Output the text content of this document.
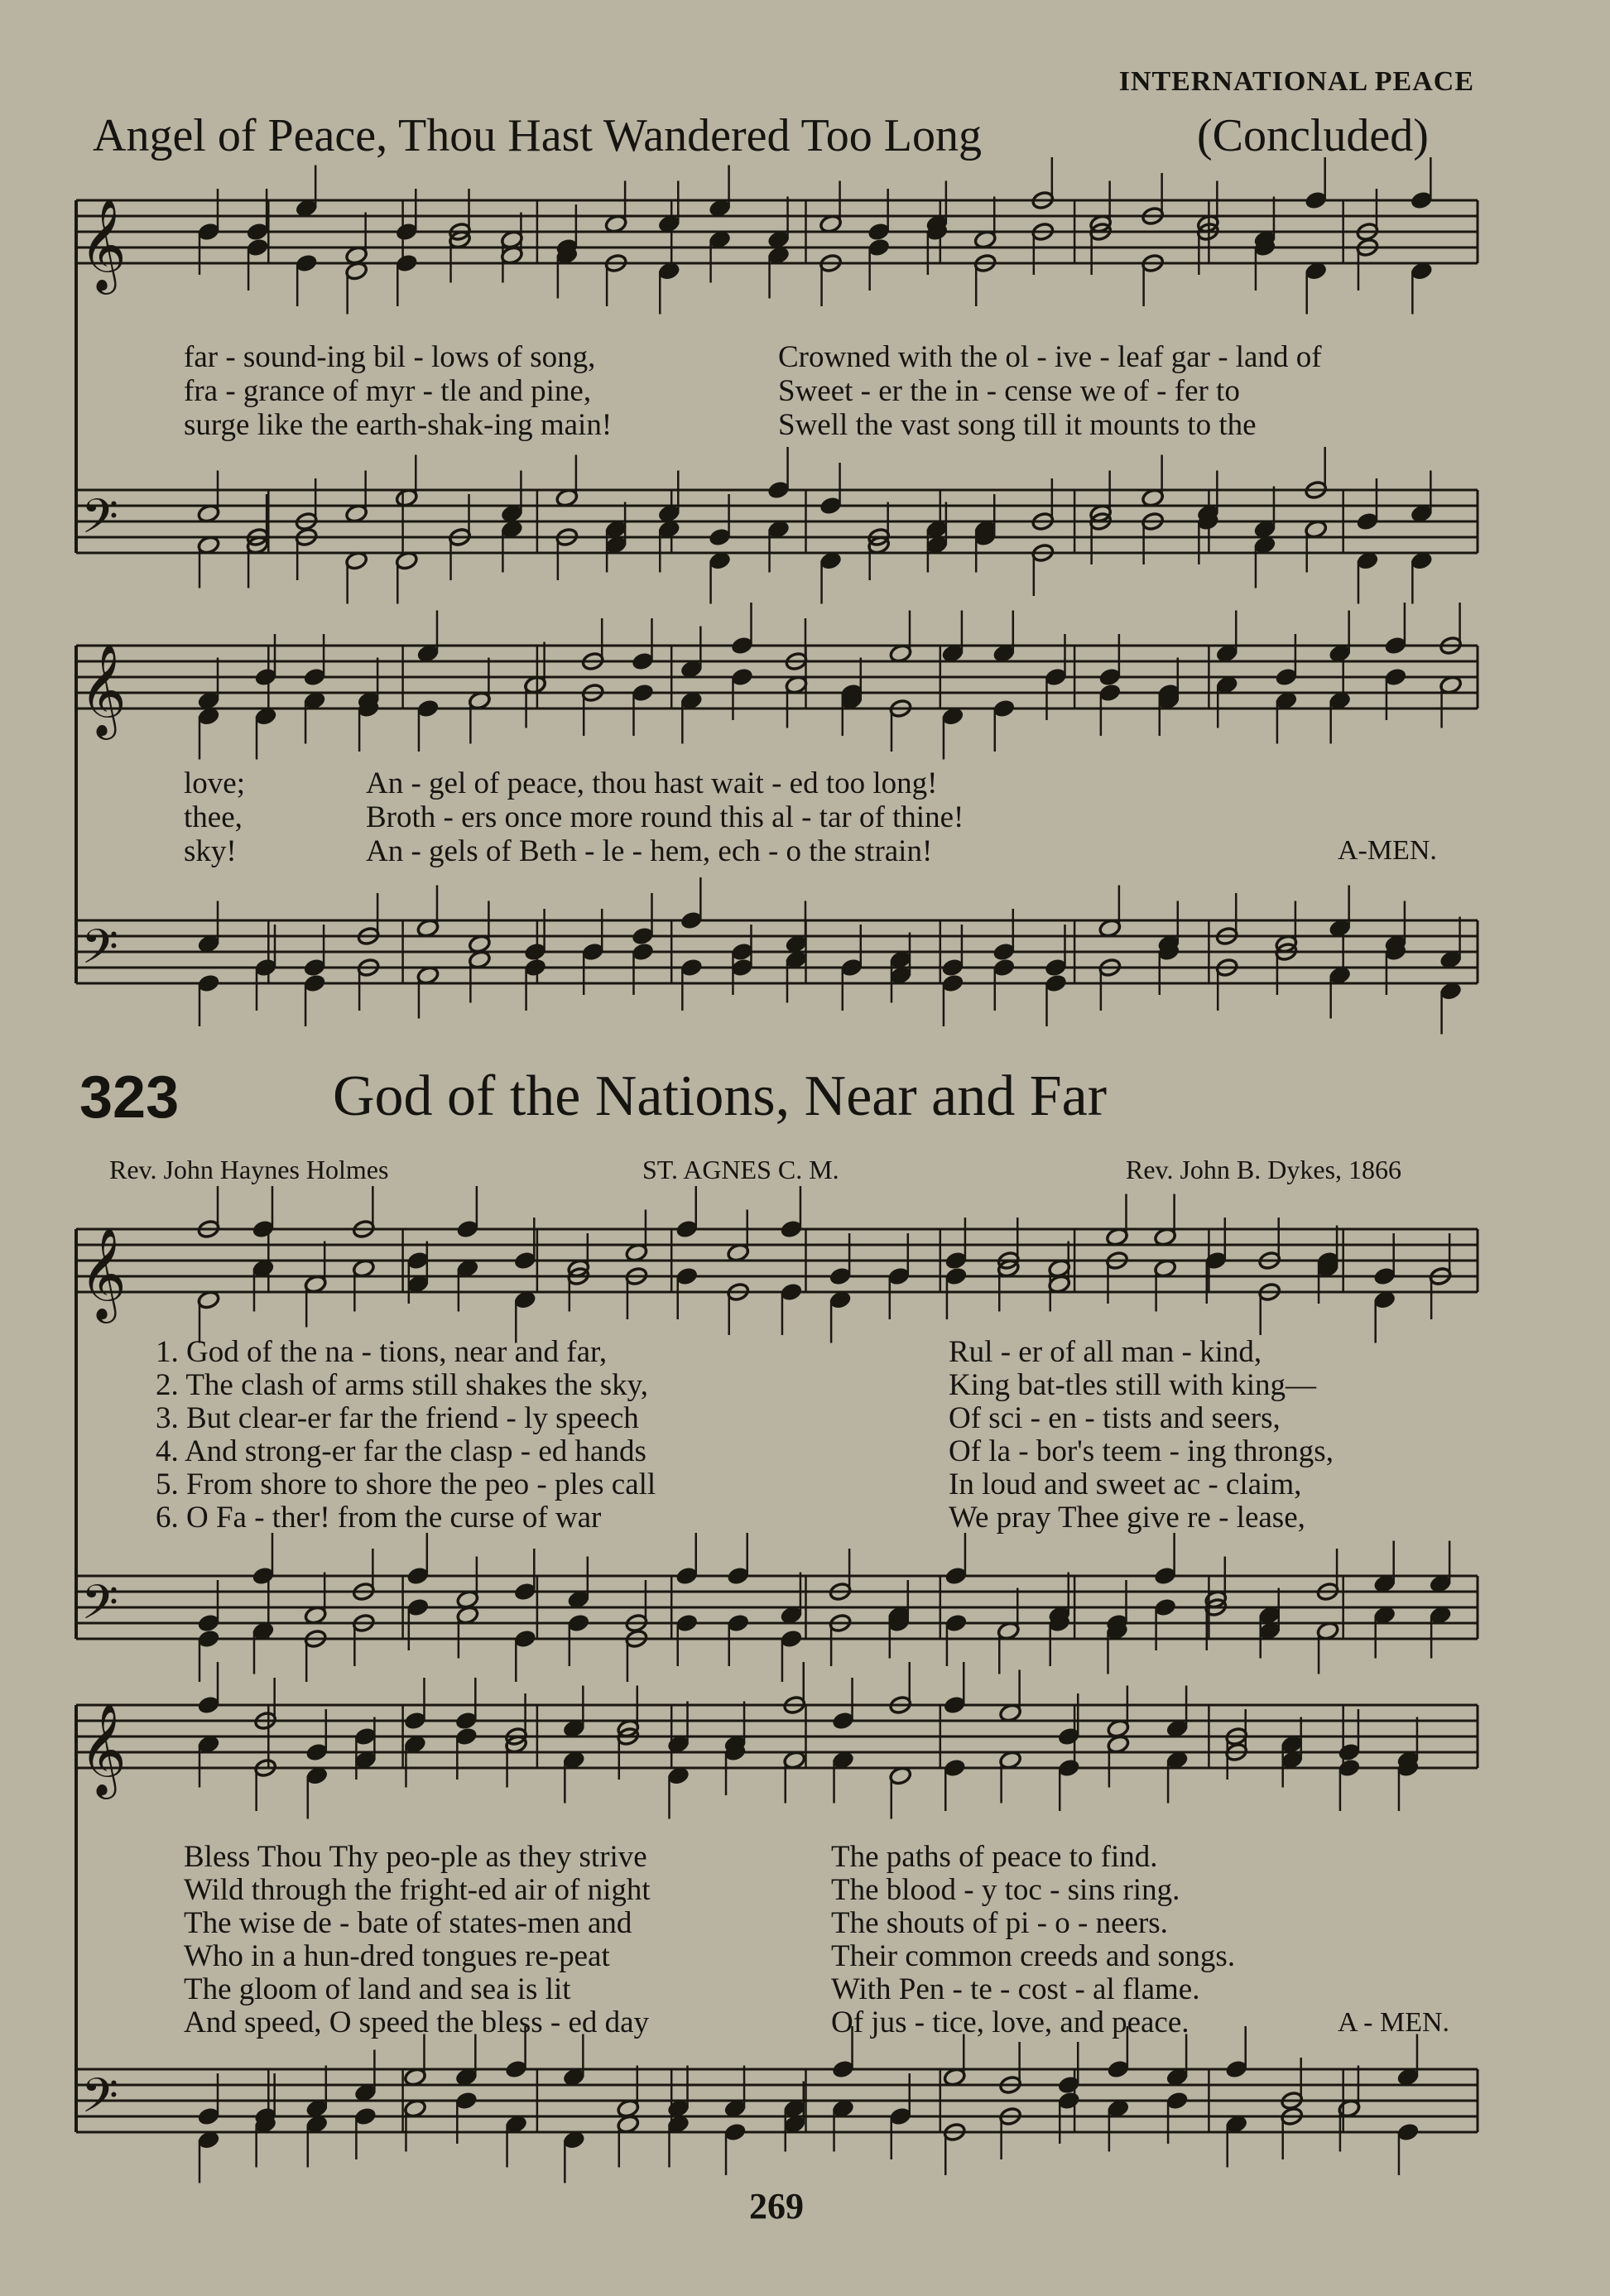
𝄞
𝄢
𝄞
𝄢
𝄞
𝄢
𝄞
𝄢
INTERNATIONAL PEACE
Angel of Peace, Thou Hast Wandered Too Long	(Concluded)
far - sound-ing bil - lows of song,
fra - grance of myr - tle and pine,
surge like the earth-shak-ing main!
Crowned with the ol - ive - leaf gar - land of
Sweet - er the in - cense we of - fer to
Swell the vast song till it mounts to the
love;
thee,
sky!
An - gel of peace, thou hast wait - ed too long!
Broth - ers once more round this al - tar of thine!
An - gels of Beth - le - hem, ech - o the strain!	A-MEN.
323	God of the Nations, Near and Far
Rev. John Haynes Holmes	ST. AGNES C. M.	Rev. John B. Dykes, 1866
1. God of the na - tions, near and far,
2. The clash of arms still shakes the sky,
3. But clear-er far the friend - ly speech
4. And strong-er far the clasp - ed hands
5. From shore to shore the peo - ples call
6. O Fa - ther! from the curse of war
Rul - er of all man - kind,
King bat-tles still with king—
Of sci - en - tists and seers,
Of la - bor's teem - ing throngs,
In loud and sweet ac - claim,
We pray Thee give re - lease,
Bless Thou Thy peo-ple as they strive
Wild through the fright-ed air of night
The wise de - bate of states-men and
Who in a hun-dred tongues re-peat
The gloom of land and sea is lit
And speed, O speed the bless - ed day
The paths of peace to find.
The blood - y toc - sins ring.
The shouts of pi - o - neers.
Their common creeds and songs.
With Pen - te - cost - al flame.
Of jus - tice, love, and peace.	A - MEN.
269
